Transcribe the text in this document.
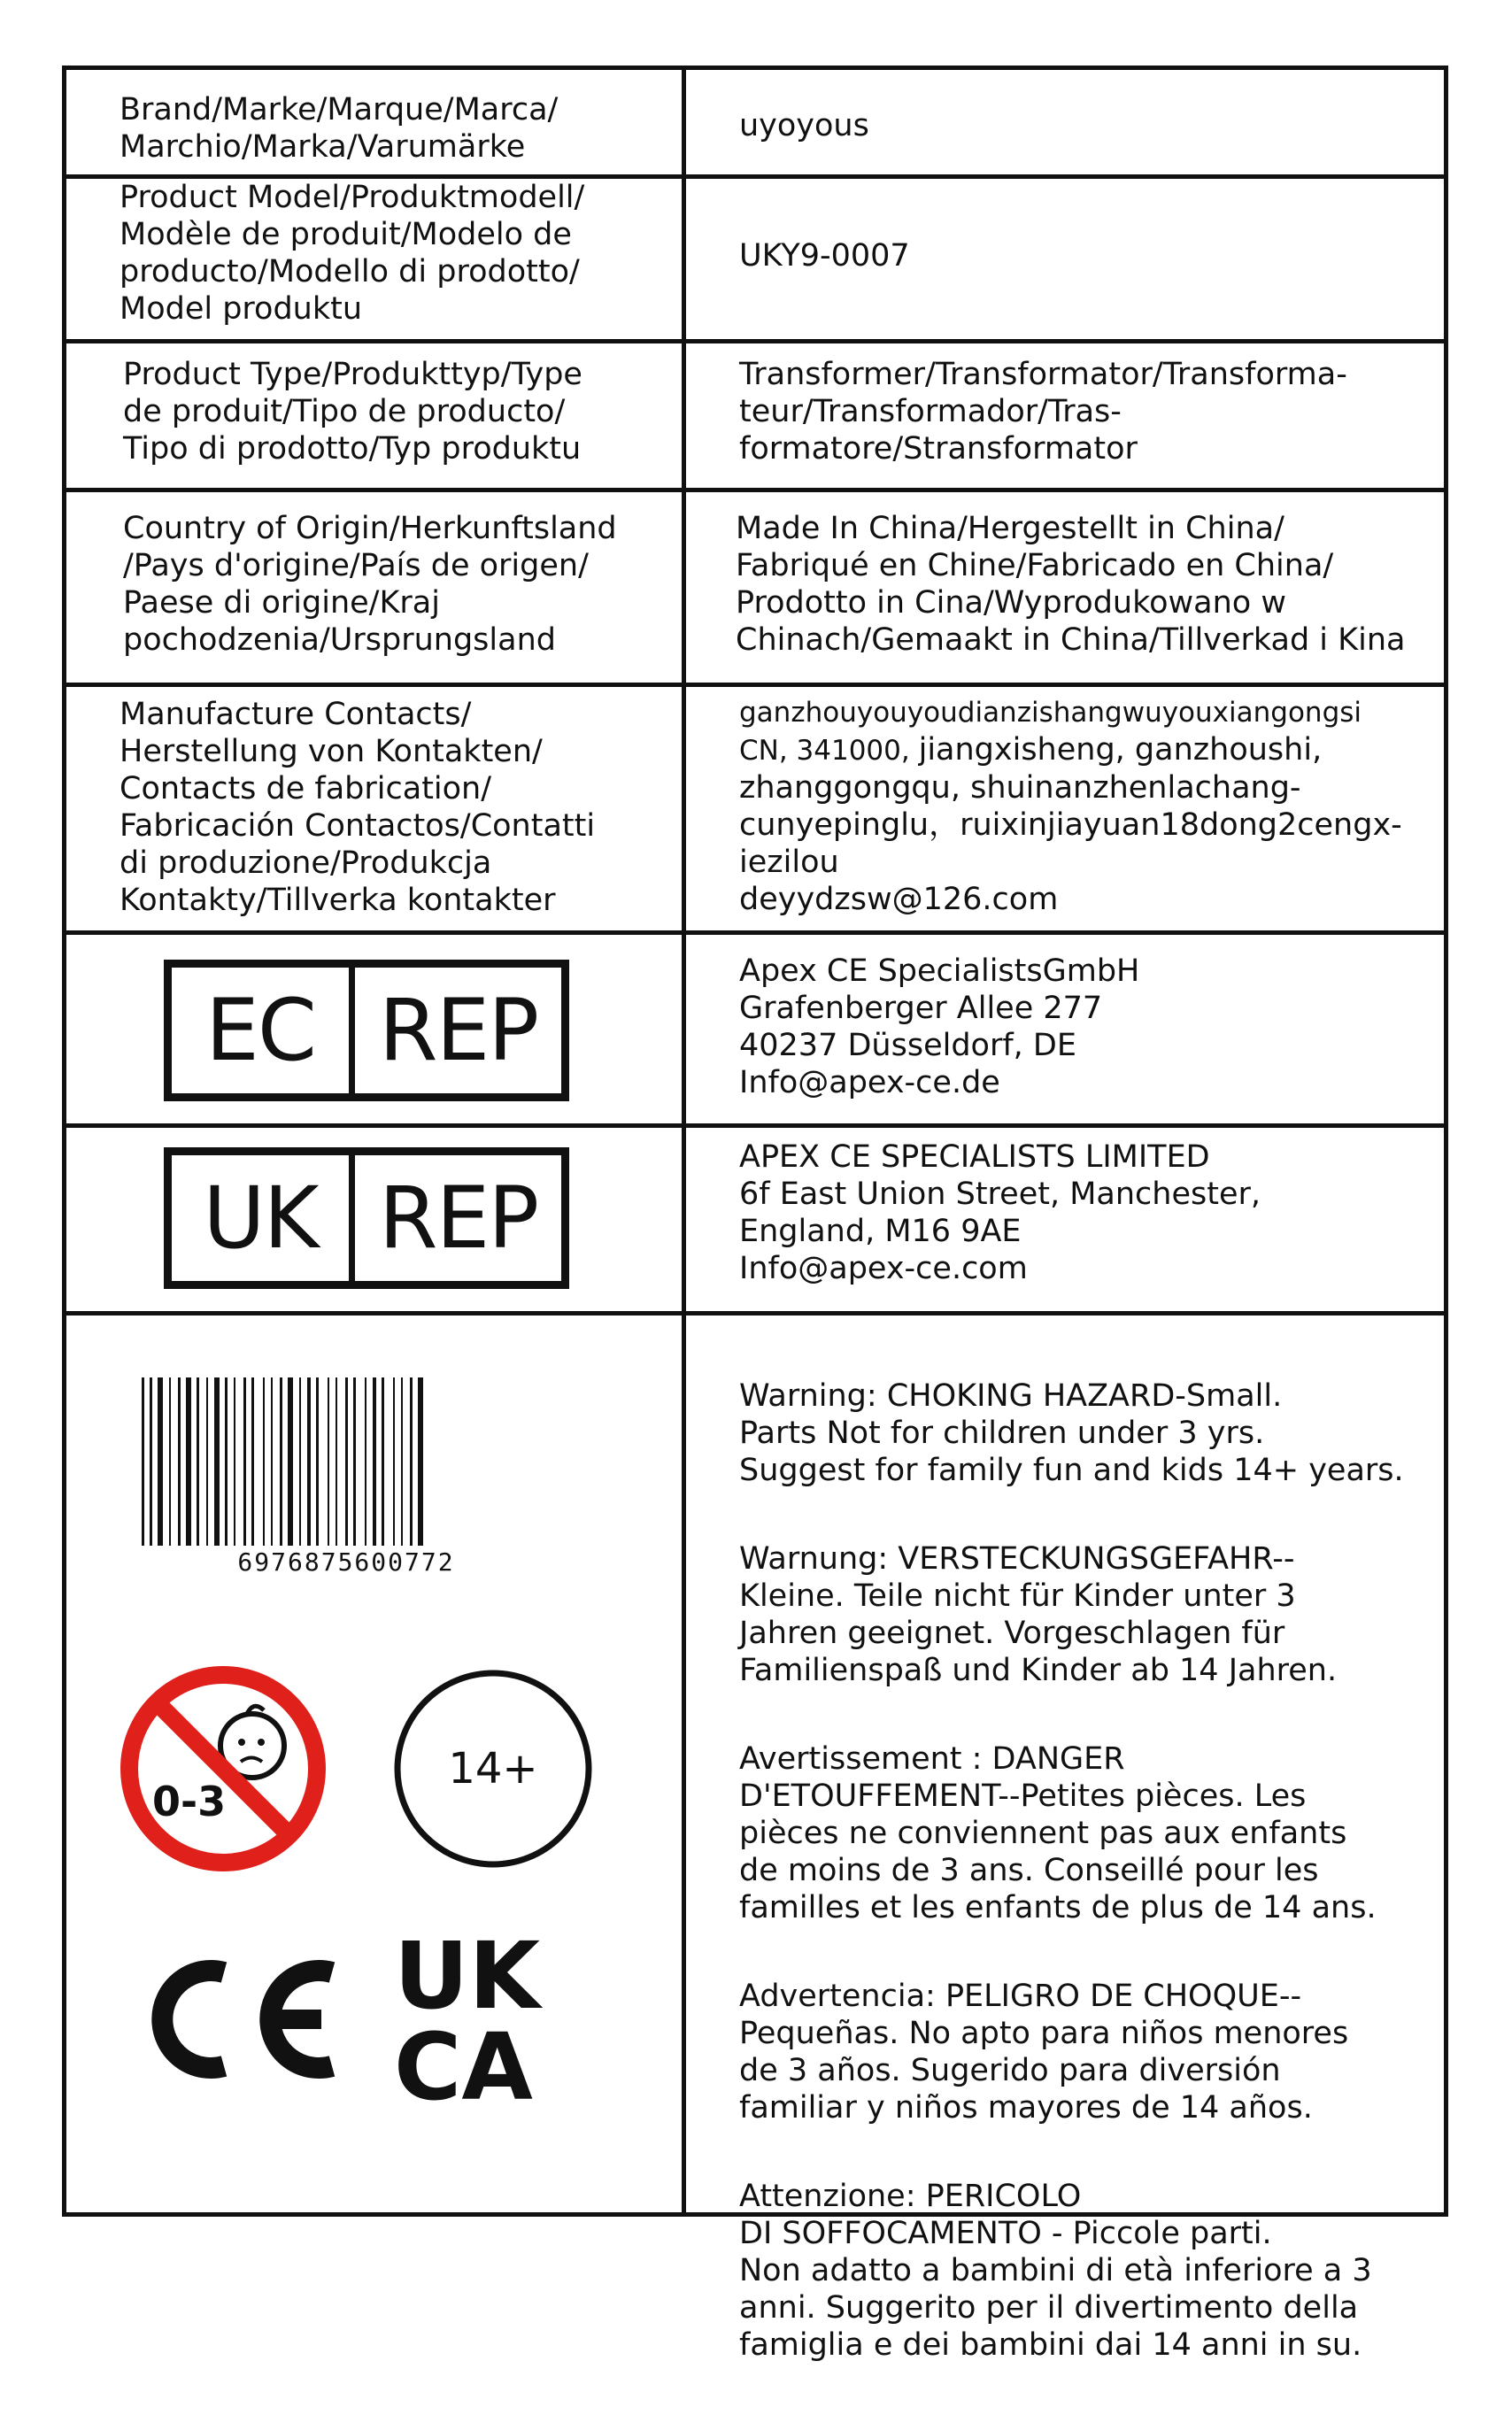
Brand/Marke/Marque/Marca/
Marchio/Marka/Varumärke
uyoyous
Product Model/Produktmodell/
Modèle de produit/Modelo de
producto/Modello di prodotto/
Model produktu
UKY9-0007
Product Type/Produkttyp/Type
de produit/Tipo de producto/
Tipo di prodotto/Typ produktu
Transformer/Transformator/Transforma-
teur/Transformador/Tras-
formatore/Stransformator
Country of Origin/Herkunftsland
/Pays d'origine/País de origen/
Paese di origine/Kraj
pochodzenia/Ursprungsland
Made In China/Hergestellt in China/
Fabriqué en Chine/Fabricado en China/
Prodotto in Cina/Wyprodukowano w
Chinach/Gemaakt in China/Tillverkad i Kina
Manufacture Contacts/
Herstellung von Kontakten/
Contacts de fabrication/
Fabricación Contactos/Contatti
di produzione/Produkcja
Kontakty/Tillverka kontakter
ganzhouyouyoudianzishangwuyouxiangongsi
CN, 341000, jiangxisheng, ganzhoushi,
zhanggongqu, shuinanzhenlachang-
cunyepinglu，ruixinjiayuan18dong2cengx-
iezilou
deyydzsw@126.com
EC REP
Apex CE SpecialistsGmbH
Grafenberger Allee 277
40237 Düsseldorf, DE
Info@apex-ce.de
UK REP
APEX CE SPECIALISTS LIMITED
6f East Union Street, Manchester,
England, M16 9AE
Info@apex-ce.com
6976875600772
0-3
14+
UK
CA

Warning: CHOKING HAZARD-Small.
Parts Not for children under 3 yrs.
Suggest for family fun and kids 14+ years.

Warnung: VERSTECKUNGSGEFAHR--
Kleine. Teile nicht für Kinder unter 3
Jahren geeignet. Vorgeschlagen für
Familienspaß und Kinder ab 14 Jahren.

Avertissement : DANGER
D'ETOUFFEMENT--Petites pièces. Les
pièces ne conviennent pas aux enfants
de moins de 3 ans. Conseillé pour les
familles et les enfants de plus de 14 ans.

Advertencia: PELIGRO DE CHOQUE--
Pequeñas. No apto para niños menores
de 3 años. Sugerido para diversión
familiar y niños mayores de 14 años.

Attenzione: PERICOLO
DI SOFFOCAMENTO - Piccole parti.
Non adatto a bambini di età inferiore a 3
anni. Suggerito per il divertimento della
famiglia e dei bambini dai 14 anni in su.
